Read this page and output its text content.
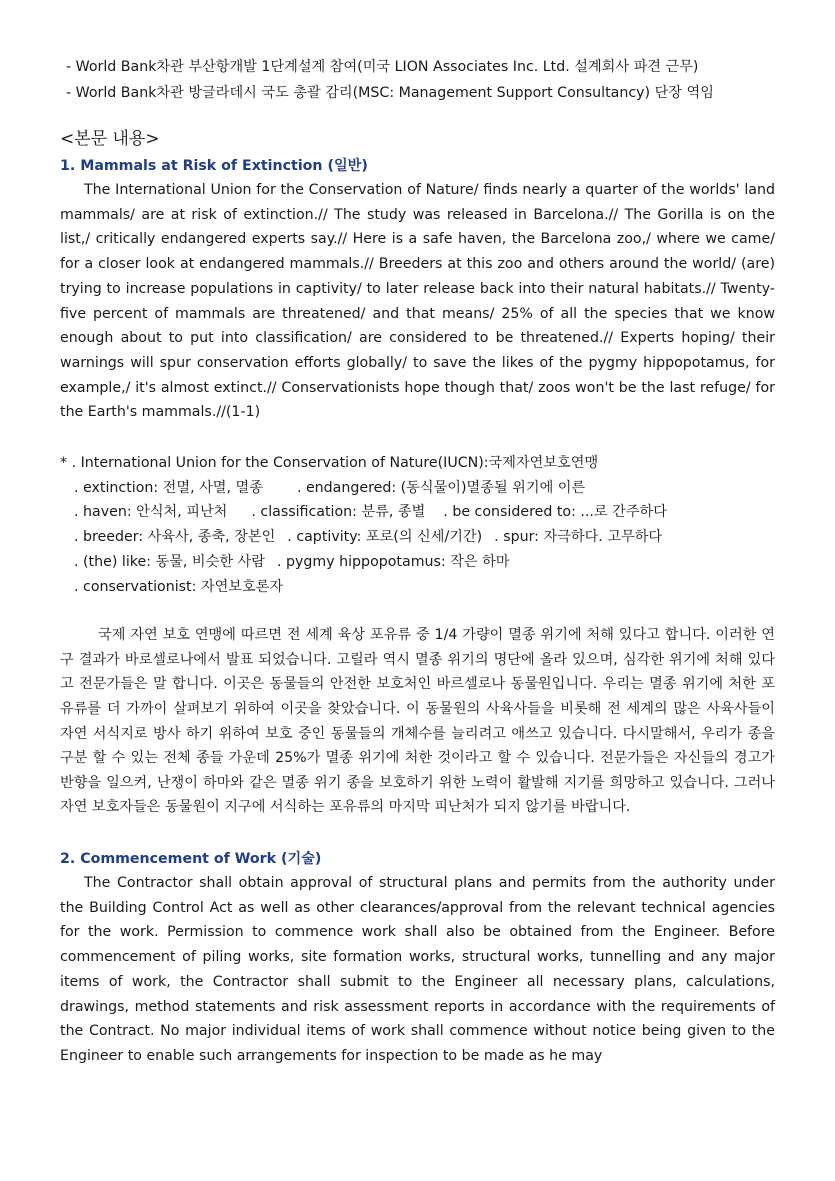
- World Bank차관 부산항개발 1단계설계 참여(미국 LION Associates Inc. Ltd. 설계회사 파견 근무)
- World Bank차관 방글라데시 국도 총괄 감리(MSC: Management Support Consultancy) 단장 역임
<본문 내용>
1. Mammals at Risk of Extinction (일반)

The International Union for the Conservation of Nature/ finds nearly a quarter of the worlds' land mammals/ are at risk of extinction.// The study was released in Barcelona.// The Gorilla is on the list,/ critically endangered experts say.// Here is a safe haven, the Barcelona zoo,/ where we came/ for a closer look at endangered mammals.// Breeders at this zoo and others around the world/ (are) trying to increase populations in captivity/ to later release back into their natural habitats.// Twenty-five percent of mammals are threatened/ and that means/ 25% of all the species that we know enough about to put into classification/ are considered to be threatened.// Experts hoping/ their warnings will spur conservation efforts globally/ to save the likes of the pygmy hippopotamus, for example,/ it's almost extinct.// Conservationists hope though that/ zoos won't be the last refuge/ for the Earth's mammals.//(1-1)

* . International Union for the Conservation of Nature(IUCN):국제자연보호연맹
. extinction: 전멸, 사멸, 멸종 . endangered: (동식물이)멸종될 위기에 이른
. haven: 안식처, 피난처 . classification: 분류, 종별 . be considered to: ...로 간주하다
. breeder: 사육사, 종축, 장본인 . captivity: 포로(의 신세/기간) . spur: 자극하다. 고무하다
. (the) like: 동물, 비슷한 사람 . pygmy hippopotamus: 작은 하마
. conservationist: 자연보호론자

국제 자연 보호 연맹에 따르면 전 세계 육상 포유류 중 1/4 가량이 멸종 위기에 처해 있다고 합니다. 이러한 연구 결과가 바로셀로나에서 발표 되었습니다. 고릴라 역시 멸종 위기의 명단에 올라 있으며, 심각한 위기에 처해 있다고 전문가들은 말 합니다. 이곳은 동물들의 안전한 보호처인 바르셀로나 동물원입니다. 우리는 멸종 위기에 처한 포유류를 더 가까이 살펴보기 위하여 이곳을 찾았습니다. 이 동물원의 사육사들을 비롯해 전 세계의 많은 사육사들이 자연 서식지로 방사 하기 위하여 보호 중인 동물들의 개체수를 늘리려고 애쓰고 있습니다. 다시말해서, 우리가 종을 구분 할 수 있는 전체 종들 가운데 25%가 멸종 위기에 처한 것이라고 할 수 있습니다. 전문가들은 자신들의 경고가 반향을 일으켜, 난쟁이 하마와 같은 멸종 위기 종을 보호하기 위한 노력이 활발해 지기를 희망하고 있습니다. 그러나 자연 보호자들은 동물원이 지구에 서식하는 포유류의 마지막 피난처가 되지 않기를 바랍니다.

2. Commencement of Work (기술)

The Contractor shall obtain approval of structural plans and permits from the authority under the Building Control Act as well as other clearances/approval from the relevant technical agencies for the work. Permission to commence work shall also be obtained from the Engineer. Before commencement of piling works, site formation works, structural works, tunnelling and any major items of work, the Contractor shall submit to the Engineer all necessary plans, calculations, drawings, method statements and risk assessment reports in accordance with the requirements of the Contract. No major individual items of work shall commence without notice being given to the Engineer to enable such arrangements for inspection to be made as he may
